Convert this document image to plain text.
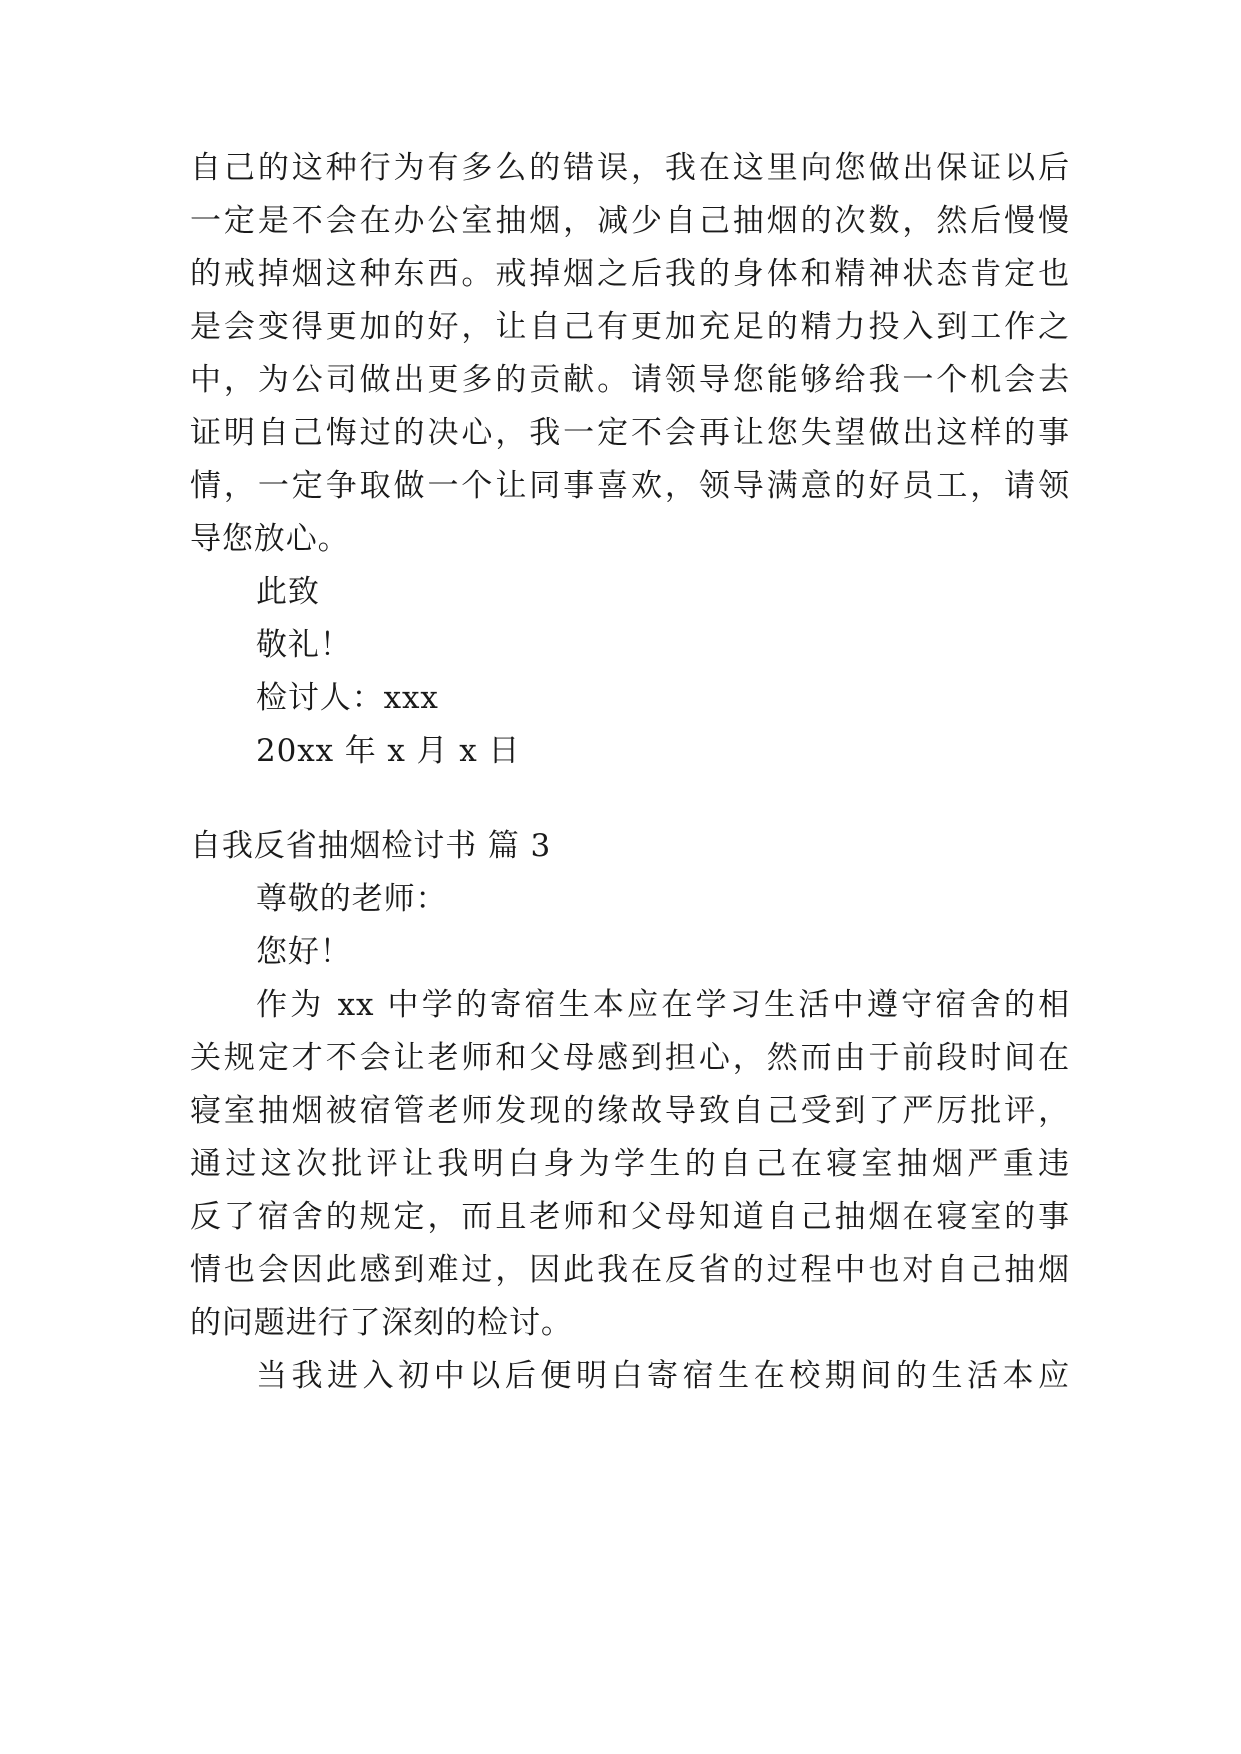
自己的这种行为有多么的错误，我在这里向您做出保证以后
一定是不会在办公室抽烟，减少自己抽烟的次数，然后慢慢
的戒掉烟这种东西。戒掉烟之后我的身体和精神状态肯定也
是会变得更加的好，让自己有更加充足的精力投入到工作之
中，为公司做出更多的贡献。请领导您能够给我一个机会去
证明自己悔过的决心，我一定不会再让您失望做出这样的事
情，一定争取做一个让同事喜欢，领导满意的好员工，请领
导您放心。
此致
敬礼！
检讨人：xxx
20xx 年 x 月 x 日
自我反省抽烟检讨书 篇 3
尊敬的老师：
您好！
作为 xx 中学的寄宿生本应在学习生活中遵守宿舍的相
关规定才不会让老师和父母感到担心，然而由于前段时间在
寝室抽烟被宿管老师发现的缘故导致自己受到了严厉批评，
通过这次批评让我明白身为学生的自己在寝室抽烟严重违
反了宿舍的规定，而且老师和父母知道自己抽烟在寝室的事
情也会因此感到难过，因此我在反省的过程中也对自己抽烟
的问题进行了深刻的检讨。
当我进入初中以后便明白寄宿生在校期间的生活本应
